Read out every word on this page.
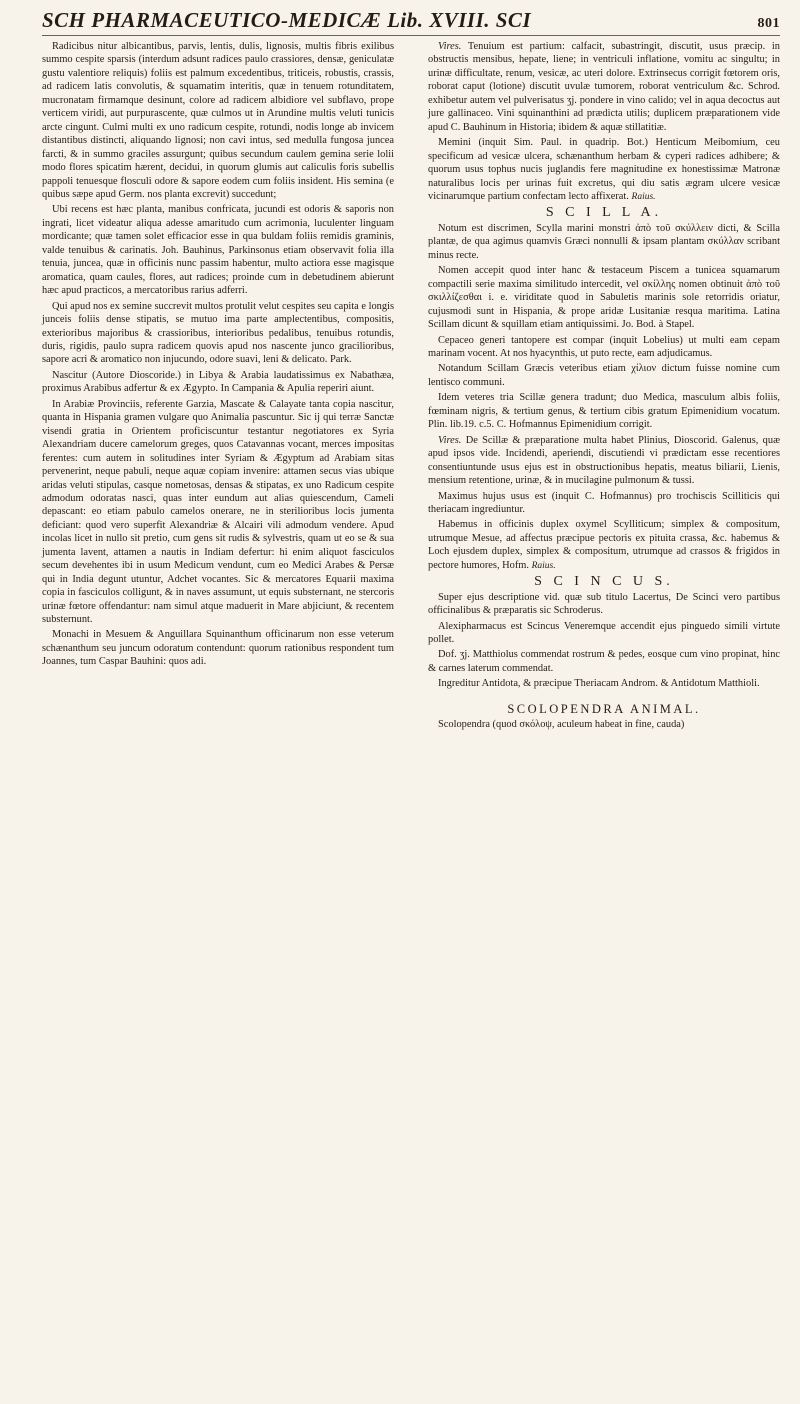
SCH PHARMACEUTICO-MEDICÆ Lib. XVIII. SCI	801

Radicibus nitur albicantibus, parvis, lentis, dulis, lignosis, multis fibris exilibus summo cespite sparsis (interdum adsunt radices paulo crassiores, densæ, geniculatæ gustu valentiore reliquis) foliis est palmum excedentibus, triticeis, robustis, crassis, ad radicem latis convolutis, & squamatim interitis, quæ in tenuem rotunditatem, mucronatam firmamque desinunt, colore ad radicem albidiore vel subflavo, prope verticem viridi, aut purpurascente, quæ culmos ut in Arundine multis veluti tunicis arcte cingunt. Culmi multi ex uno radicum cespite, rotundi, nodis longe ab invicem distantibus distincti, aliquando lignosi; non cavi intus, sed medulla fungosa juncea farcti, & in summo graciles assurgunt; quibus secundum caulem gemina serie lolii modo flores spicatim hærent, decidui, in quorum glumis aut caliculis foris subellis pappoli tenuesque flosculi odore & sapore eodem cum foliis insident. His semina (e quibus sæpe apud Germ. nos planta excrevit) succedunt;

Ubi recens est hæc planta, manibus confricata, jucundi est odoris & saporis non ingrati, licet videatur aliqua adesse amaritudo cum acrimonia, luculenter linguam mordicante; quæ tamen solet efficacior esse in qua buldam foliis remidis graminis, valde tenuibus & carinatis. Joh. Bauhinus, Parkinsonus etiam observavit folia illa tenuia, juncea, quæ in officinis nunc passim habentur, multo actiora esse magisque aromatica, quam caules, flores, aut radices; proinde cum in debetudinem abierunt hæc apud practicos, a mercatoribus rarius adferri.

Qui apud nos ex semine succrevit multos protulit velut cespites seu capita e longis junceis foliis dense stipatis, se mutuo ima parte amplectentibus, compositis, exterioribus majoribus & crassioribus, interioribus pedalibus, tenuibus rotundis, duris, rigidis, paulo supra radicem quovis apud nos nascente junco gracilioribus, sapore acri & aromatico non injucundo, odore suavi, leni & delicato. Park.

Nascitur (Autore Dioscoride.) in Libya & Arabia laudatissimus ex Nabathæa, proximus Arabibus adfertur & ex Ægypto. In Campania & Apulia reperiri aiunt.

In Arabiæ Provinciis, referente Garzia, Mascate & Calayate tanta copia nascitur, quanta in Hispania gramen vulgare quo Animalia pascuntur. Sic ij qui terræ Sanctæ visendi gratia in Orientem proficiscuntur testantur negotiatores ex Syria Alexandriam ducere camelorum greges, quos Catavannas vocant, merces impositas ferentes: cum autem in solitudines inter Syriam & Ægyptum ad Arabiam sitas pervenerint, neque pabuli, neque aquæ copiam invenire: attamen secus vias ubique aridas veluti stipulas, casque nometosas, densas & stipatas, ex uno Radicum cespite admodum odoratas nasci, quas inter eundum aut alias quiescendum, Cameli depascant: eo etiam pabulo camelos onerare, ne in sterilioribus locis jumenta deficiant: quod vero superfit Alexandriæ & Alcairi vili admodum vendere. Apud incolas licet in nullo sit pretio, cum gens sit rudis & sylvestris, quam ut eo se & sua jumenta lavent, attamen a nautis in Indiam defertur: hi enim aliquot fasciculos secum devehentes ibi in usum Medicum vendunt, cum eo Medici Arabes & Persæ qui in India degunt utuntur, Adchet vocantes. Sic & mercatores Equarii maxima copia in fasciculos colligunt, & in naves assumunt, ut equis substernant, ne stercoris urinæ fœtore offendantur: nam simul atque maduerit in Mare abjiciunt, & recentem substernunt.

Monachi in Mesuem & Anguillara Squinanthum officinarum non esse veterum schænanthum seu juncum odoratum contendunt: quorum rationibus respondent tum Joannes, tum Caspar Bauhini: quos adi.

Vires. Tenuium est partium: calfacit, subastringit, discutit, usus præcip. in obstructis mensibus, hepate, liene; in ventriculi inflatione, vomitu ac singultu; in urinæ difficultate, renum, vesicæ, ac uteri dolore. Extrinsecus corrigit fœtorem oris, roborat caput (lotione) discutit uvulæ tumorem, roborat ventriculum &c. Schrod. exhibetur autem vel pulverisatus ʒj. pondere in vino calido; vel in aqua decoctus aut jure gallinaceo. Vini squinanthini ad prædicta utilis; duplicem præparationem vide apud C. Bauhinum in Historia; ibidem & aquæ stillatitiæ.

Memini (inquit Sim. Paul. in quadrip. Bot.) Henticum Meibomium, ceu specificum ad vesicæ ulcera, schænanthum herbam & cyperi radices adhibere; & quorum usus tophus nucis juglandis fere magnitudine ex honestissimæ Matronæ naturalibus locis per urinas fuit excretus, qui diu satis ægram ulcere vesicæ vicinarumque partium confectam lecto affixerat. Raius.

S C I L L A.

Notum est discrimen, Scylla marini monstri ἀπὸ τοῦ σκύλλειν dicti, & Scilla plantæ, de qua agimus quamvis Græci nonnulli & ipsam plantam σκύλλαν scribant minus recte.

Nomen accepit quod inter hanc & testaceum Piscem a tunicea squamarum compactili serie maxima similitudo intercedit, vel σκίλλης nomen obtinuit ἀπὸ τοῦ σκιλλίζεσθαι i. e. viriditate quod in Sabuletis marinis sole retorridis oriatur, cujusmodi sunt in Hispania, & prope aridæ Lusitaniæ resqua maritima. Latina Scillam dicunt & squillam etiam antiquissimi. Jo. Bod. à Stapel.

Cepaceo generi tantopere est compar (inquit Lobelius) ut multi eam cepam marinam vocent. At nos hyacynthis, ut puto recte, eam adjudicamus.

Notandum Scillam Græcis veteribus etiam χίλιον dictum fuisse nomine cum lentisco communi.

Idem veteres tria Scillæ genera tradunt; duo Medica, masculum albis foliis, fœminam nigris, & tertium genus, & tertium cibis gratum Epimenidium vocatum. Plin. lib.19. c.5. C. Hofmannus Epimenidium corrigit.

Vires. De Scillæ & præparatione multa habet Plinius, Dioscorid. Galenus, quæ apud ipsos vide. Incidendi, aperiendi, discutiendi vi prædictam esse recentiores consentiuntunde usus ejus est in obstructionibus hepatis, meatus biliarii, Lienis, mensium retentione, urinæ, & in mucilagine pulmonum & tussi.

Maximus hujus usus est (inquit C. Hofmannus) pro trochiscis Scilliticis qui theriacam ingrediuntur.

Habemus in officinis duplex oxymel Scylliticum; simplex & compositum, utrumque Mesue, ad affectus præcipue pectoris ex pituita crassa, &c. habemus & Loch ejusdem duplex, simplex & compositum, utrumque ad crassos & frigidos in pectore humores, Hofm. Raius.

S C I N C U S.

Super ejus descriptione vid. quæ sub titulo Lacertus, De Scinci vero partibus officinalibus & præparatis sic Schroderus.

Alexipharmacus est Scincus Veneremque accendit ejus pinguedo simili virtute pollet.

Dof. ʒj. Matthiolus commendat rostrum & pedes, eosque cum vino propinat, hinc & carnes laterum commendat.

Ingreditur Antidota, & præcipue Theriacam Androm. & Antidotum Matthioli.

SCOLOPENDRA ANIMAL.

Scolopendra (quod σκόλοψ, aculeum habeat in fine, cauda)
